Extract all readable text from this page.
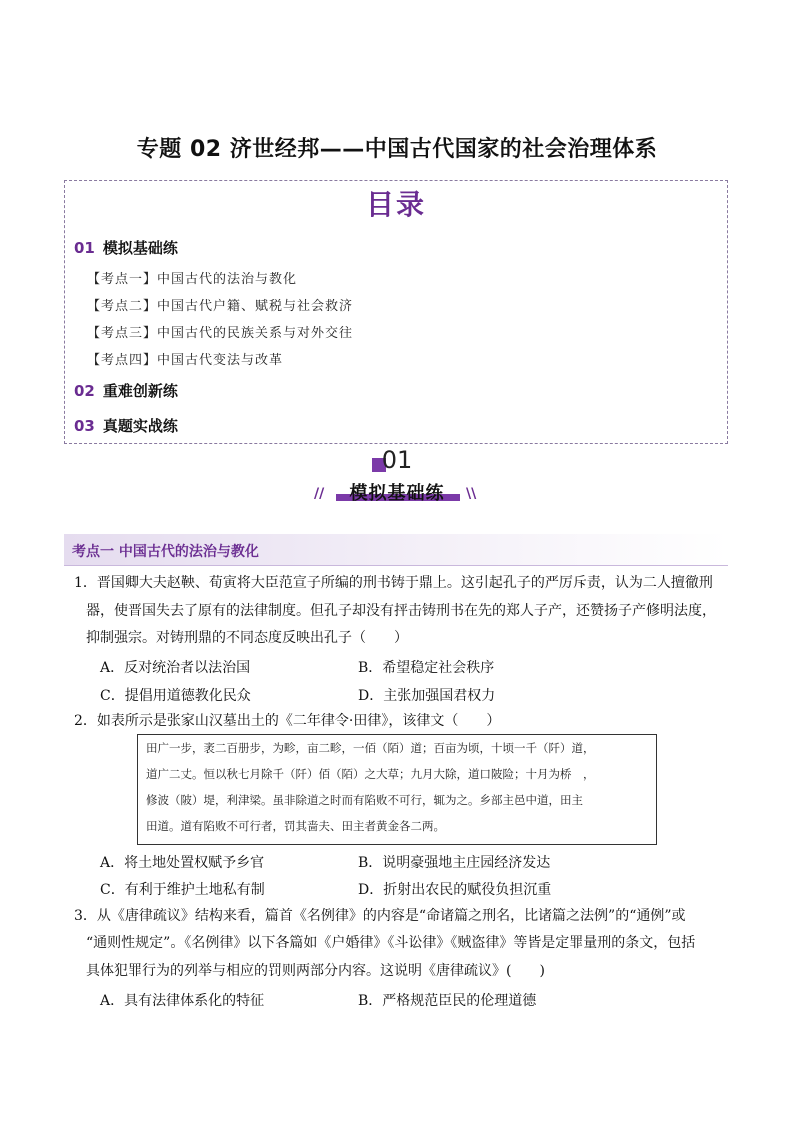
专题 02 济世经邦——中国古代国家的社会治理体系
目录
01 模拟基础练
【考点一】中国古代的法治与教化
【考点二】中国古代户籍、赋税与社会救济
【考点三】中国古代的民族关系与对外交往
【考点四】中国古代变法与改革
02 重难创新练
03 真题实战练
01
模拟基础练
//	\\
考点一 中国古代的法治与教化
1．晋国卿大夫赵鞅、荀寅将大臣范宣子所编的刑书铸于鼎上。这引起孔子的严厉斥责，认为二人擅徹刑
器，使晋国失去了原有的法律制度。但孔子却没有抨击铸刑书在先的郑人子产，还赞扬子产修明法度，
抑制强宗。对铸刑鼎的不同态度反映出孔子（　　）
A．反对统治者以法治国	B．希望稳定社会秩序
C．提倡用道德教化民众	D．主张加强国君权力
2．如表所示是张家山汉墓出土的《二年律令·田律》，该律文（　　）
田广一步，袤二百册步，为畛，亩二畛，一佰（陌）道；百亩为顷，十顷一千（阡）道，
道广二丈。恒以秋七月除千（阡）佰（陌）之大草；九月大除，道口陂险；十月为桥　，
修波（陂）堤，利津梁。虽非除道之时而有陷败不可行，辄为之。乡部主邑中道，田主
田道。道有陷败不可行者，罚其啬夫、田主者黄金各二两。
A．将土地处置权赋予乡官	B．说明豪强地主庄园经济发达
C．有利于维护土地私有制	D．折射出农民的赋役负担沉重
3．从《唐律疏议》结构来看，篇首《名例律》的内容是“命诸篇之刑名，比诸篇之法例”的“通例”或
“通则性规定”。《名例律》以下各篇如《户婚律》《斗讼律》《贼盗律》等皆是定罪量刑的条文，包括
具体犯罪行为的列举与相应的罚则两部分内容。这说明《唐律疏议》(　　)
A．具有法律体系化的特征	B．严格规范臣民的伦理道德
